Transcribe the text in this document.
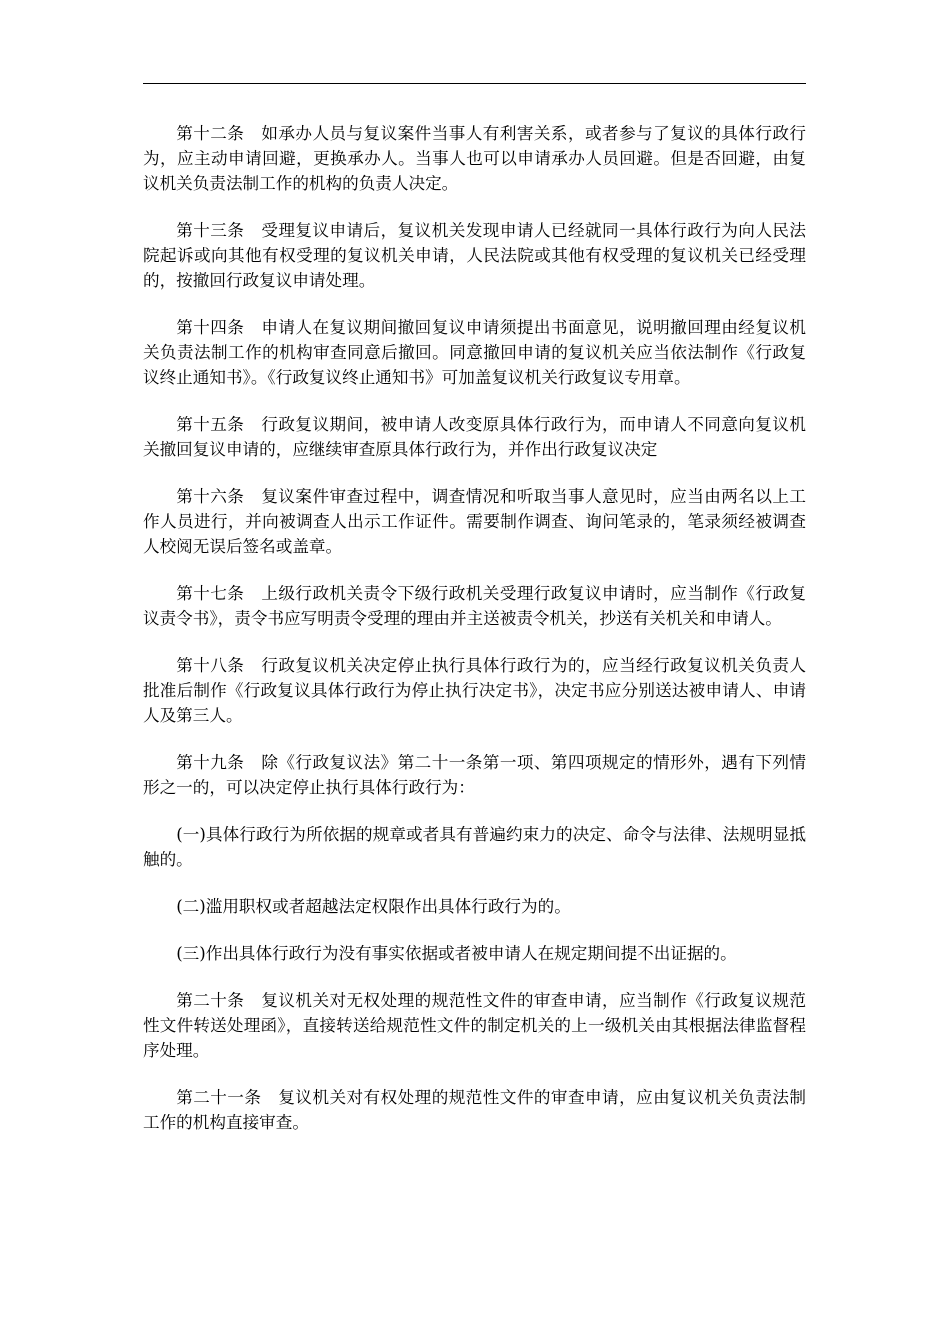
第十二条　如承办人员与复议案件当事人有利害关系，或者参与了复议的具体行政行为，应主动申请回避，更换承办人。当事人也可以申请承办人员回避。但是否回避，由复议机关负责法制工作的机构的负责人决定。

第十三条　受理复议申请后，复议机关发现申请人已经就同一具体行政行为向人民法院起诉或向其他有权受理的复议机关申请，人民法院或其他有权受理的复议机关已经受理的，按撤回行政复议申请处理。

第十四条　申请人在复议期间撤回复议申请须提出书面意见，说明撤回理由经复议机关负责法制工作的机构审查同意后撤回。同意撤回申请的复议机关应当依法制作《行政复议终止通知书》。《行政复议终止通知书》可加盖复议机关行政复议专用章。

第十五条　行政复议期间，被申请人改变原具体行政行为，而申请人不同意向复议机关撤回复议申请的，应继续审查原具体行政行为，并作出行政复议决定

第十六条　复议案件审查过程中，调查情况和听取当事人意见时，应当由两名以上工作人员进行，并向被调查人出示工作证件。需要制作调查、询问笔录的，笔录须经被调查人校阅无误后签名或盖章。

第十七条　上级行政机关责令下级行政机关受理行政复议申请时，应当制作《行政复议责令书》，责令书应写明责令受理的理由并主送被责令机关，抄送有关机关和申请人。

第十八条　行政复议机关决定停止执行具体行政行为的，应当经行政复议机关负责人批准后制作《行政复议具体行政行为停止执行决定书》，决定书应分别送达被申请人、申请人及第三人。

第十九条　除《行政复议法》第二十一条第一项、第四项规定的情形外，遇有下列情形之一的，可以决定停止执行具体行政行为：

(一)具体行政行为所依据的规章或者具有普遍约束力的决定、命令与法律、法规明显抵触的。

(二)滥用职权或者超越法定权限作出具体行政行为的。

(三)作出具体行政行为没有事实依据或者被申请人在规定期间提不出证据的。

第二十条　复议机关对无权处理的规范性文件的审查申请，应当制作《行政复议规范性文件转送处理函》，直接转送给规范性文件的制定机关的上一级机关由其根据法律监督程序处理。

第二十一条　复议机关对有权处理的规范性文件的审查申请，应由复议机关负责法制工作的机构直接审查。
